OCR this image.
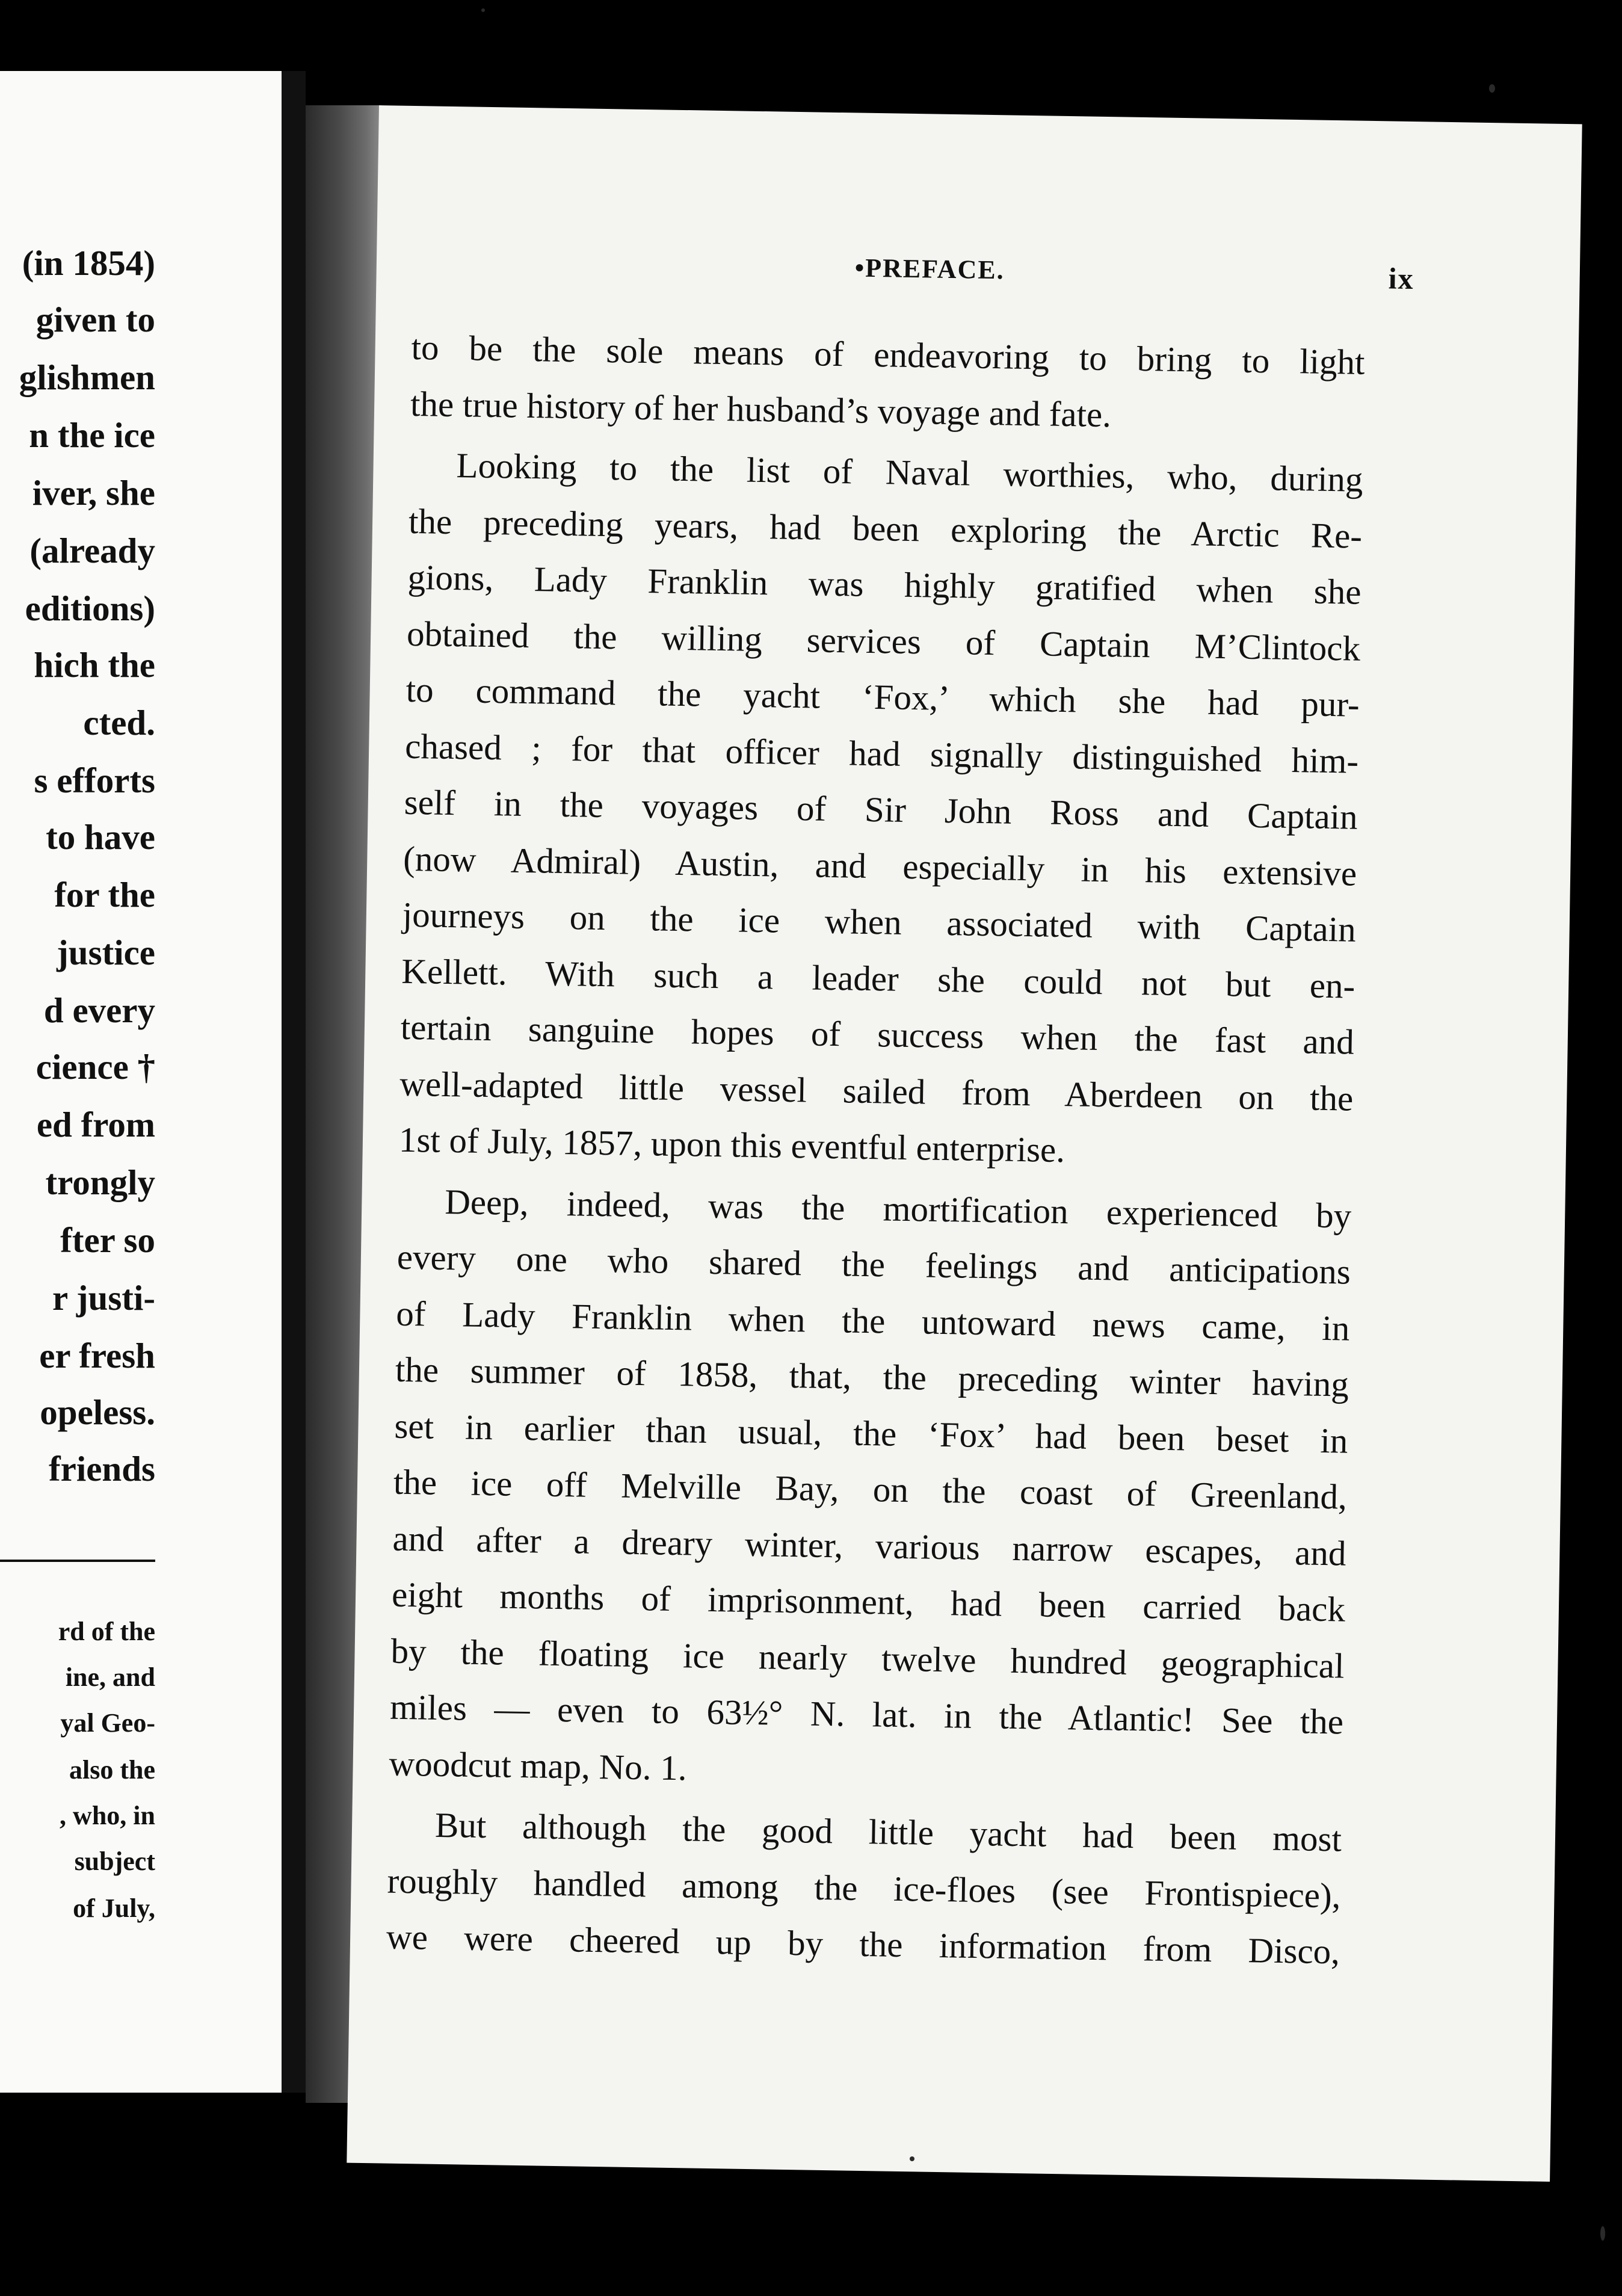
(in 1854)
given to
glishmen
n the ice
iver, she
(already
editions)
hich the
cted.
s efforts
to have
for the
justice
d every
cience †
ed from
trongly
fter so
r justi-
er fresh
opeless.
friends
rd of the
ine, and
yal Geo-
also the
, who, in
subject
of July,
•PREFACE.	ix
to be the sole means of endeavoring to bring to light
the true history of her husband’s voyage and fate.
Looking to the list of Naval worthies, who, during
the preceding years, had been exploring the Arctic Re-
gions, Lady Franklin was highly gratified when she
obtained the willing services of Captain M’Clintock
to command the yacht ‘Fox,’ which she had pur-
chased ; for that officer had signally distinguished him-
self in the voyages of Sir John Ross and Captain
(now Admiral) Austin, and especially in his extensive
journeys on the ice when associated with Captain
Kellett. With such a leader she could not but en-
tertain sanguine hopes of success when the fast and
well-adapted little vessel sailed from Aberdeen on the
1st of July, 1857, upon this eventful enterprise.
Deep, indeed, was the mortification experienced by
every one who shared the feelings and anticipations
of Lady Franklin when the untoward news came, in
the summer of 1858, that, the preceding winter having
set in earlier than usual, the ‘Fox’ had been beset in
the ice off Melville Bay, on the coast of Greenland,
and after a dreary winter, various narrow escapes, and
eight months of imprisonment, had been carried back
by the floating ice nearly twelve hundred geographical
miles — even to 63½° N. lat. in the Atlantic! See the
woodcut map, No. 1.
But although the good little yacht had been most
roughly handled among the ice-floes (see Frontispiece),
we were cheered up by the information from Disco,
